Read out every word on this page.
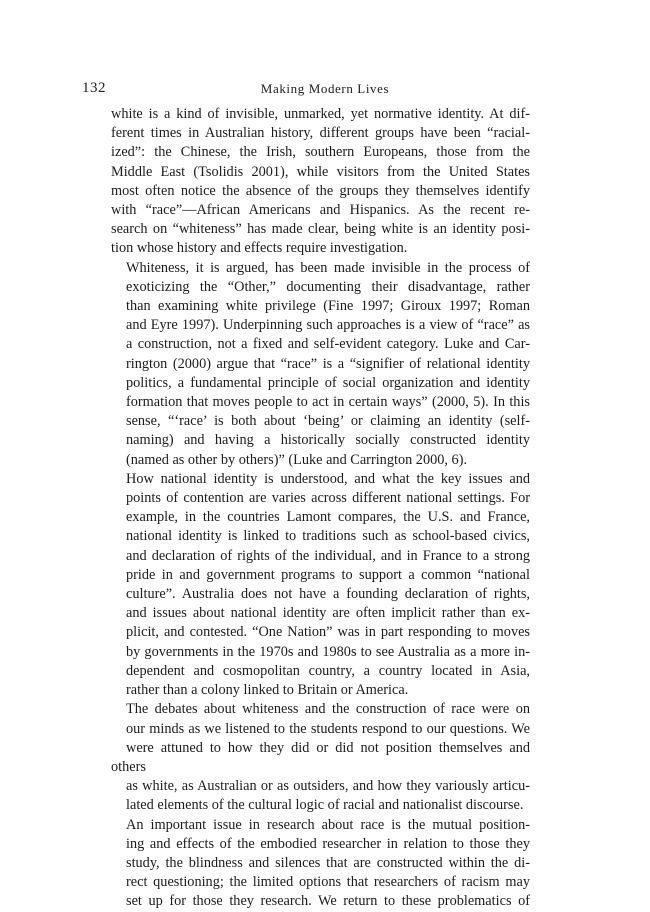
132	Making Modern Lives

white is a kind of invisible, unmarked, yet normative identity. At dif-
ferent times in Australian history, different groups have been “racial-
ized”: the Chinese, the Irish, southern Europeans, those from the
Middle East (Tsolidis 2001), while visitors from the United States
most often notice the absence of the groups they themselves identify
with “race”—African Americans and Hispanics. As the recent re-
search on “whiteness” has made clear, being white is an identity posi-
tion whose history and effects require investigation.

Whiteness, it is argued, has been made invisible in the process of
exoticizing the “Other,” documenting their disadvantage, rather
than examining white privilege (Fine 1997; Giroux 1997; Roman
and Eyre 1997). Underpinning such approaches is a view of “race” as
a construction, not a fixed and self-evident category. Luke and Car-
rington (2000) argue that “race” is a “signifier of relational identity
politics, a fundamental principle of social organization and identity
formation that moves people to act in certain ways” (2000, 5). In this
sense, “‘race’ is both about ‘being’ or claiming an identity (self-
naming) and having a historically socially constructed identity
(named as other by others)” (Luke and Carrington 2000, 6).

How national identity is understood, and what the key issues and
points of contention are varies across different national settings. For
example, in the countries Lamont compares, the U.S. and France,
national identity is linked to traditions such as school-based civics,
and declaration of rights of the individual, and in France to a strong
pride in and government programs to support a common “national
culture”. Australia does not have a founding declaration of rights,
and issues about national identity are often implicit rather than ex-
plicit, and contested. “One Nation” was in part responding to moves
by governments in the 1970s and 1980s to see Australia as a more in-
dependent and cosmopolitan country, a country located in Asia,
rather than a colony linked to Britain or America.

The debates about whiteness and the construction of race were on
our minds as we listened to the students respond to our questions. We
were attuned to how they did or did not position themselves and others
as white, as Australian or as outsiders, and how they variously articu-
lated elements of the cultural logic of racial and nationalist discourse.

An important issue in research about race is the mutual position-
ing and effects of the embodied researcher in relation to those they
study, the blindness and silences that are constructed within the di-
rect questioning; the limited options that researchers of racism may
set up for those they research. We return to these problematics of
